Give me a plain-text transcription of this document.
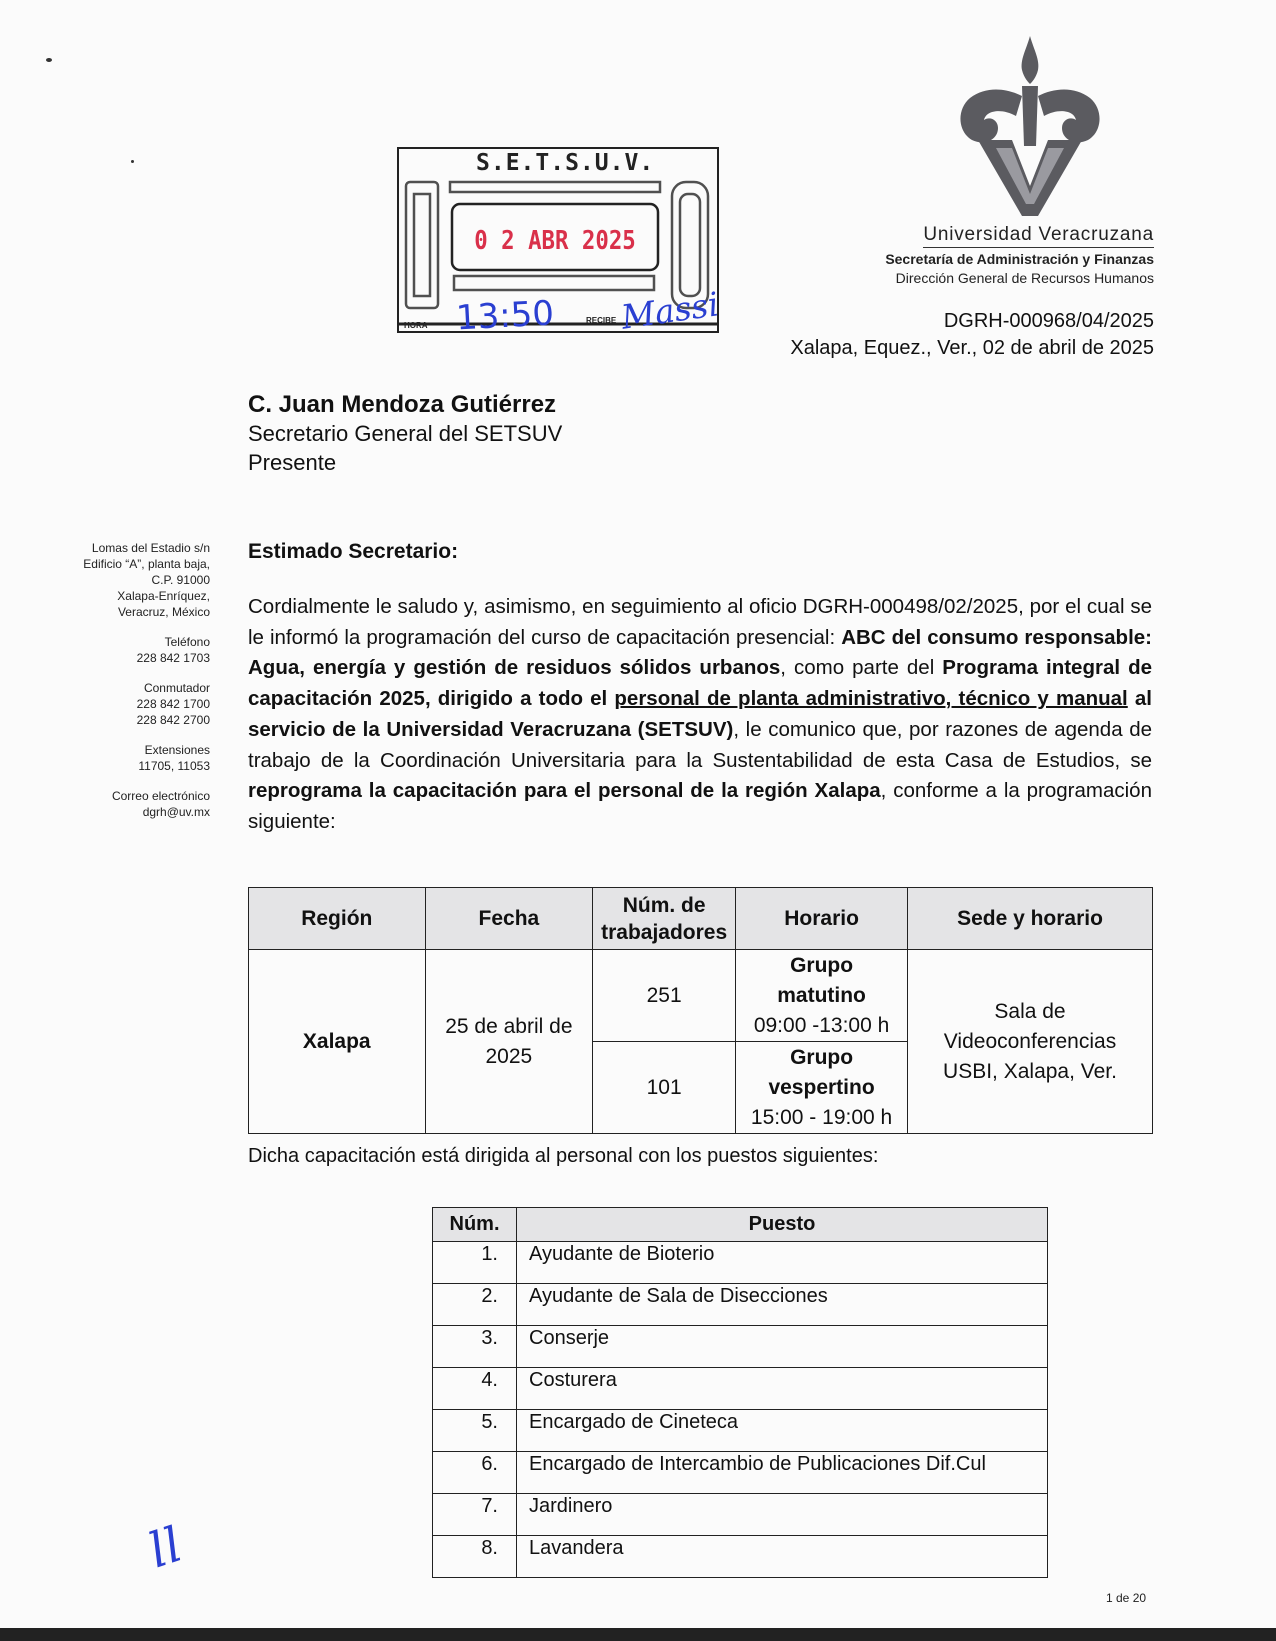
S.E.T.S.U.V.
0 2 ABR 2025
HORA 13:50	RECIBE Massi
Universidad Veracruzana
Secretaría de Administración y Finanzas
Dirección General de Recursos Humanos
DGRH-000968/04/2025
Xalapa, Equez., Ver., 02 de abril de 2025
C. Juan Mendoza Gutiérrez
Secretario General del SETSUV
Presente
Lomas del Estadio s/n
Edificio “A”, planta baja,
C.P. 91000
Xalapa-Enríquez,
Veracruz, México
Teléfono
228 842 1703
Conmutador
228 842 1700
228 842 2700
Extensiones
11705, 11053
Correo electrónico
dgrh@uv.mx
Estimado Secretario:

Cordialmente le saludo y, asimismo, en seguimiento al oficio DGRH-000498/02/2025, por el cual se le informó la programación del curso de capacitación presencial: ABC del consumo responsable: Agua, energía y gestión de residuos sólidos urbanos, como parte del Programa integral de capacitación 2025, dirigido a todo el personal de planta administrativo, técnico y manual al servicio de la Universidad Veracruzana (SETSUV), le comunico que, por razones de agenda de trabajo de la Coordinación Universitaria para la Sustentabilidad de esta Casa de Estudios, se reprograma la capacitación para el personal de la región Xalapa, conforme a la programación siguiente:

Región	Fecha	Núm. de trabajadores	Horario	Sede y horario
Xalapa	25 de abril de 2025	251	Grupo matutino
09:00 -13:00 h	Sala de Videoconferencias USBI, Xalapa, Ver.
		101	Grupo vespertino
15:00 - 19:00 h	
Dicha capacitación está dirigida al personal con los puestos siguientes:
Núm.	Puesto
1.	Ayudante de Bioterio
2.	Ayudante de Sala de Disecciones
3.	Conserje
4.	Costurera
5.	Encargado de Cineteca
6.	Encargado de Intercambio de Publicaciones Dif.Cul
7.	Jardinero
8.	Lavandera
ll
1 de 20
